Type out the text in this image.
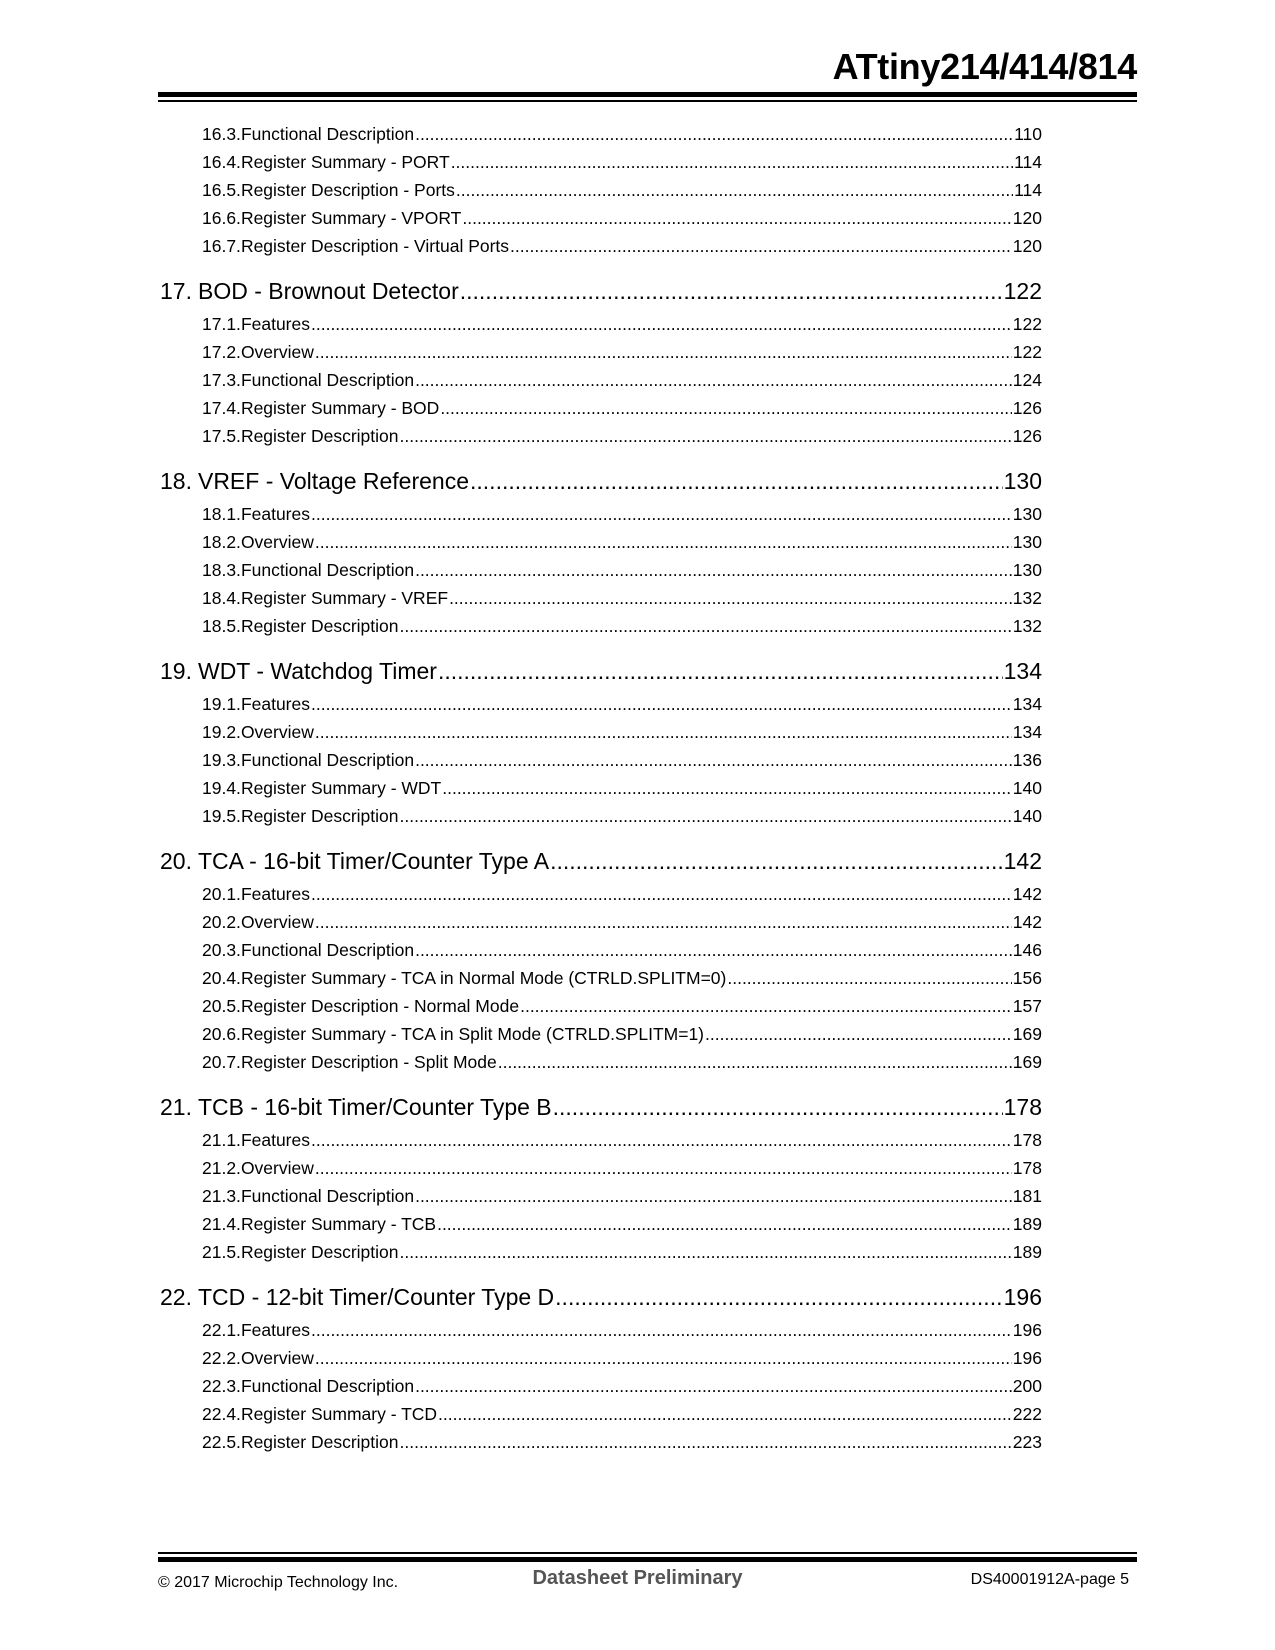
ATtiny214/414/814
16.3. Functional Description .....	110
16.4. Register Summary - PORT .....	114
16.5. Register Description - Ports .....	114
16.6. Register Summary - VPORT .....	120
16.7. Register Description - Virtual Ports .....	120
17. BOD - Brownout Detector .....	122
17.1. Features .....	122
17.2. Overview .....	122
17.3. Functional Description .....	124
17.4. Register Summary - BOD .....	126
17.5. Register Description .....	126
18. VREF - Voltage Reference .....	130
18.1. Features .....	130
18.2. Overview .....	130
18.3. Functional Description .....	130
18.4. Register Summary - VREF .....	132
18.5. Register Description .....	132
19. WDT - Watchdog Timer .....	134
19.1. Features .....	134
19.2. Overview .....	134
19.3. Functional Description .....	136
19.4. Register Summary - WDT .....	140
19.5. Register Description .....	140
20. TCA - 16-bit Timer/Counter Type A .....	142
20.1. Features .....	142
20.2. Overview .....	142
20.3. Functional Description .....	146
20.4. Register Summary - TCA in Normal Mode (CTRLD.SPLITM=0) .....	156
20.5. Register Description - Normal Mode .....	157
20.6. Register Summary - TCA in Split Mode (CTRLD.SPLITM=1) .....	169
20.7. Register Description - Split Mode .....	169
21. TCB - 16-bit Timer/Counter Type B .....	178
21.1. Features .....	178
21.2. Overview .....	178
21.3. Functional Description .....	181
21.4. Register Summary - TCB .....	189
21.5. Register Description .....	189
22. TCD - 12-bit Timer/Counter Type D .....	196
22.1. Features .....	196
22.2. Overview .....	196
22.3. Functional Description .....	200
22.4. Register Summary - TCD .....	222
22.5. Register Description .....	223
© 2017 Microchip Technology Inc.	Datasheet Preliminary	DS40001912A-page 5
